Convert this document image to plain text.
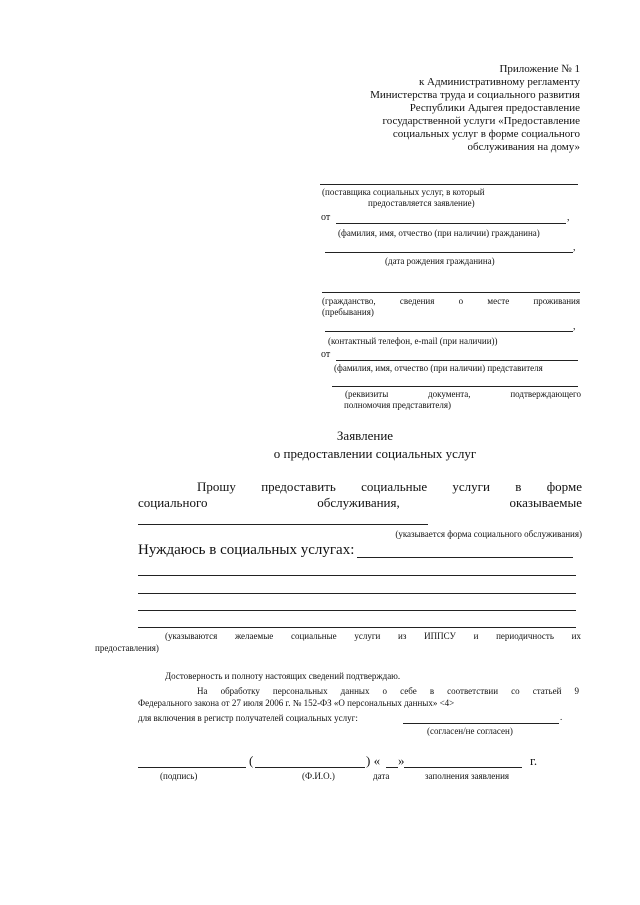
Приложение № 1
к Административному регламенту
Министерства труда и социального развития
Республики Адыгея предоставление
государственной услуги «Предоставление
социальных услуг в форме социального
обслуживания на дому»
(поставщика социальных услуг, в который
предоставляется заявление)
от	,
(фамилия, имя, отчество (при наличии) гражданина)
,
(дата рождения гражданина)
(гражданство, сведения о месте проживания
(пребывания)
,
(контактный телефон, e-mail (при наличии))
от
(фамилия, имя, отчество (при наличии) представителя
(реквизиты документа, подтверждающего
полномочия представителя)
Заявление
о предоставлении социальных услуг
Прошу предоставить социальные услуги в форме
социального обслуживания, оказываемые
(указывается форма социального обслуживания)
Нуждаюсь в социальных услугах:
(указываются желаемые социальные услуги из ИППСУ и периодичность их
предоставления)
Достоверность и полноту настоящих сведений подтверждаю.
На обработку персональных данных о себе в соответствии со статьей 9
Федерального закона от 27 июля 2006 г. № 152-ФЗ «О персональных данных» <4>
для включения в регистр получателей социальных услуг:	.
(согласен/не согласен)
(	) « »	г.
(подпись)	(Ф.И.О.)	дата	заполнения заявления
